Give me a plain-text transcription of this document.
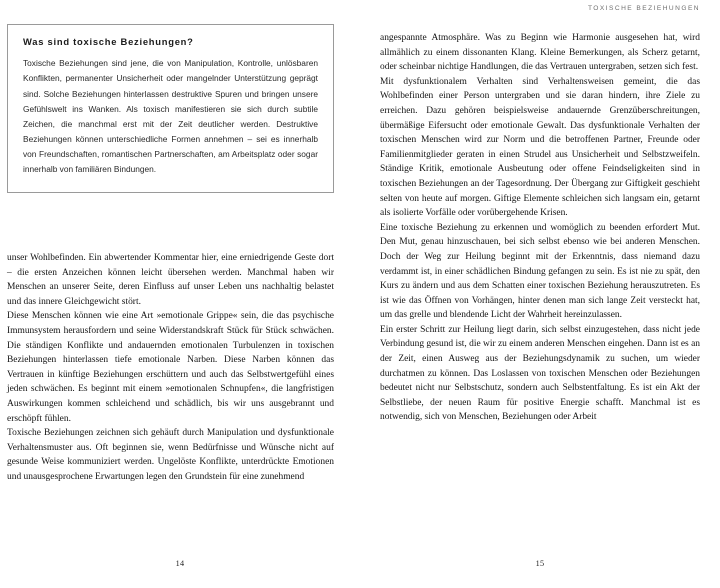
Was sind toxische Beziehungen?

Toxische Beziehungen sind jene, die von Manipulation, Kontrolle, unlösbaren Konflikten, permanenter Unsicherheit oder mangelnder Unterstützung geprägt sind. Solche Beziehungen hinterlassen destruktive Spuren und bringen unsere Gefühlswelt ins Wanken. Als toxisch manifestieren sie sich durch subtile Zeichen, die manchmal erst mit der Zeit deutlicher werden. Destruktive Beziehungen können unterschiedliche Formen annehmen – sei es innerhalb von Freundschaften, romantischen Partnerschaften, am Arbeitsplatz oder sogar innerhalb von familiären Bindungen.

unser Wohlbefinden. Ein abwertender Kommentar hier, eine erniedrigende Geste dort – die ersten Anzeichen können leicht übersehen werden. Manchmal haben wir Menschen an unserer Seite, deren Einfluss auf unser Leben uns nachhaltig belastet und das innere Gleichgewicht stört.

Diese Menschen können wie eine Art »emotionale Grippe« sein, die das psychische Immunsystem herausfordern und seine Widerstandskraft Stück für Stück schwächen. Die ständigen Konflikte und andauernden emotionalen Turbulenzen in toxischen Beziehungen hinterlassen tiefe emotionale Narben. Diese Narben können das Vertrauen in künftige Beziehungen erschüttern und auch das Selbstwertgefühl eines jeden schwächen. Es beginnt mit einem »emotionalen Schnupfen«, die langfristigen Auswirkungen kommen schleichend und schädlich, bis wir uns ausgebrannt und erschöpft fühlen.

Toxische Beziehungen zeichnen sich gehäuft durch Manipulation und dysfunktionale Verhaltensmuster aus. Oft beginnen sie, wenn Bedürfnisse und Wünsche nicht auf gesunde Weise kommuniziert werden. Ungelöste Konflikte, unterdrückte Emotionen und unausgesprochene Erwartungen legen den Grundstein für eine zunehmend

14
TOXISCHE BEZIEHUNGEN

angespannte Atmosphäre. Was zu Beginn wie Harmonie ausgesehen hat, wird allmählich zu einem dissonanten Klang. Kleine Bemerkungen, als Scherz getarnt, oder scheinbar nichtige Handlungen, die das Vertrauen untergraben, setzen sich fest.

Mit dysfunktionalem Verhalten sind Verhaltensweisen gemeint, die das Wohlbefinden einer Person untergraben und sie daran hindern, ihre Ziele zu erreichen. Dazu gehören beispielsweise andauernde Grenzüberschreitungen, übermäßige Eifersucht oder emotionale Gewalt. Das dysfunktionale Verhalten der toxischen Menschen wird zur Norm und die betroffenen Partner, Freunde oder Familienmitglieder geraten in einen Strudel aus Unsicherheit und Selbstzweifeln. Ständige Kritik, emotionale Ausbeutung oder offene Feindseligkeiten sind in toxischen Beziehungen an der Tagesordnung. Der Übergang zur Giftigkeit geschieht selten von heute auf morgen. Giftige Elemente schleichen sich langsam ein, getarnt als isolierte Vorfälle oder vorübergehende Krisen.

Eine toxische Beziehung zu erkennen und womöglich zu beenden erfordert Mut. Den Mut, genau hinzuschauen, bei sich selbst ebenso wie bei anderen Menschen. Doch der Weg zur Heilung beginnt mit der Erkenntnis, dass niemand dazu verdammt ist, in einer schädlichen Bindung gefangen zu sein. Es ist nie zu spät, den Kurs zu ändern und aus dem Schatten einer toxischen Beziehung herauszutreten. Es ist wie das Öffnen von Vorhängen, hinter denen man sich lange Zeit versteckt hat, um das grelle und blendende Licht der Wahrheit hereinzulassen.

Ein erster Schritt zur Heilung liegt darin, sich selbst einzugestehen, dass nicht jede Verbindung gesund ist, die wir zu einem anderen Menschen eingehen. Dann ist es an der Zeit, einen Ausweg aus der Beziehungsdynamik zu suchen, um wieder durchatmen zu können. Das Loslassen von toxischen Menschen oder Beziehungen bedeutet nicht nur Selbstschutz, sondern auch Selbstentfaltung. Es ist ein Akt der Selbstliebe, der neuen Raum für positive Energie schafft. Manchmal ist es notwendig, sich von Menschen, Beziehungen oder Arbeit

15
